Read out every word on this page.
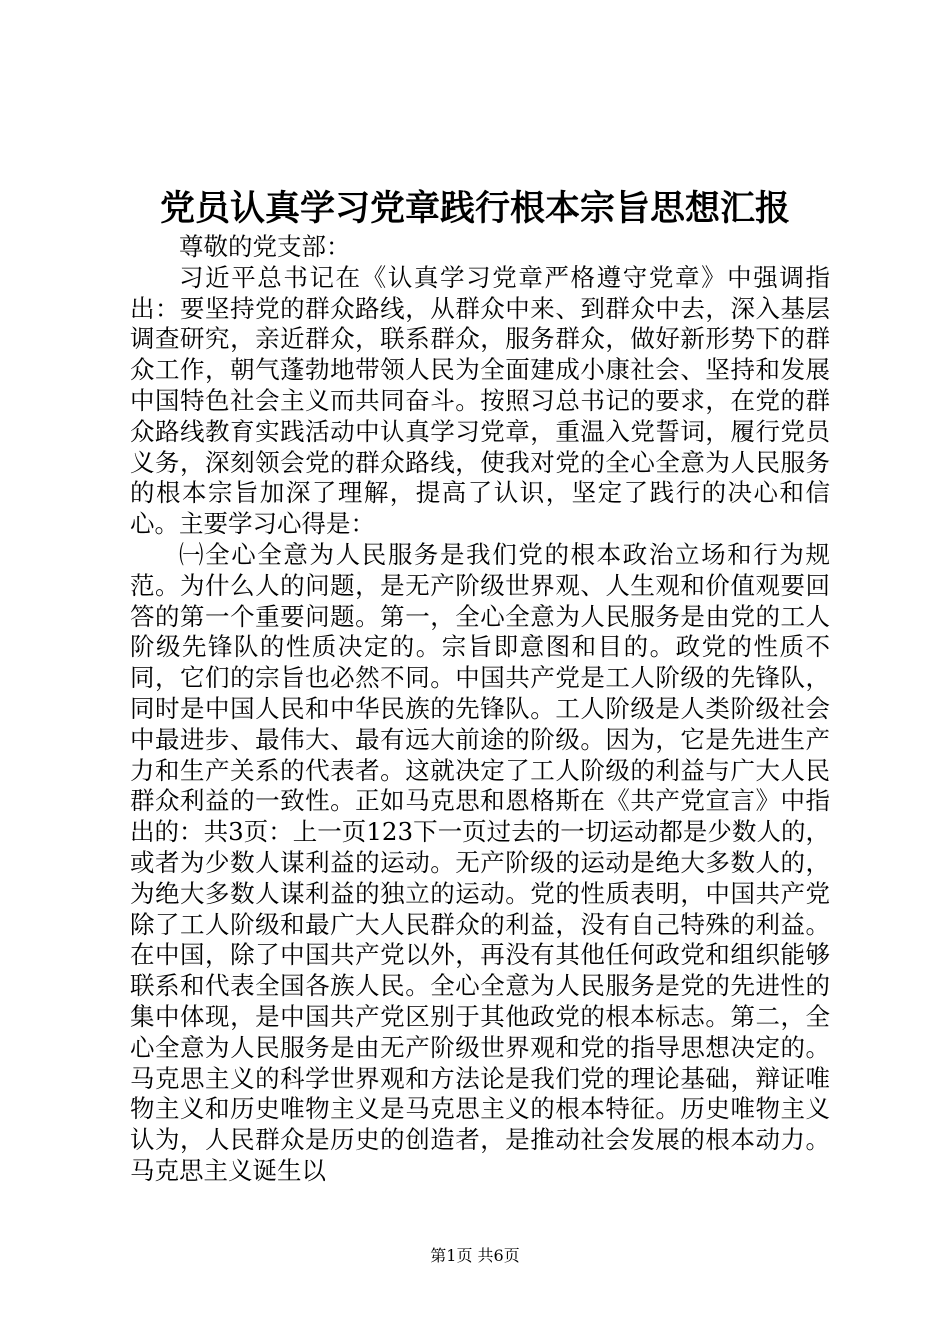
党员认真学习党章践行根本宗旨思想汇报

尊敬的党支部：

习近平总书记在《认真学习党章严格遵守党章》中强调指出：要坚持党的群众路线，从群众中来、到群众中去，深入基层调查研究，亲近群众，联系群众，服务群众，做好新形势下的群众工作，朝气蓬勃地带领人民为全面建成小康社会、坚持和发展中国特色社会主义而共同奋斗。按照习总书记的要求，在党的群众路线教育实践活动中认真学习党章，重温入党誓词，履行党员义务，深刻领会党的群众路线，使我对党的全心全意为人民服务的根本宗旨加深了理解，提高了认识，坚定了践行的决心和信心。主要学习心得是：

㈠全心全意为人民服务是我们党的根本政治立场和行为规范。为什么人的问题，是无产阶级世界观、人生观和价值观要回答的第一个重要问题。第一，全心全意为人民服务是由党的工人阶级先锋队的性质决定的。宗旨即意图和目的。政党的性质不同，它们的宗旨也必然不同。中国共产党是工人阶级的先锋队，同时是中国人民和中华民族的先锋队。工人阶级是人类阶级社会中最进步、最伟大、最有远大前途的阶级。因为，它是先进生产力和生产关系的代表者。这就决定了工人阶级的利益与广大人民群众利益的一致性。正如马克思和恩格斯在《共产党宣言》中指出的：共3页：上一页123下一页过去的一切运动都是少数人的，或者为少数人谋利益的运动。无产阶级的运动是绝大多数人的，为绝大多数人谋利益的独立的运动。党的性质表明，中国共产党除了工人阶级和最广大人民群众的利益，没有自己特殊的利益。在中国，除了中国共产党以外，再没有其他任何政党和组织能够联系和代表全国各族人民。全心全意为人民服务是党的先进性的集中体现，是中国共产党区别于其他政党的根本标志。第二，全心全意为人民服务是由无产阶级世界观和党的指导思想决定的。马克思主义的科学世界观和方法论是我们党的理论基础，辩证唯物主义和历史唯物主义是马克思主义的根本特征。历史唯物主义认为，人民群众是历史的创造者，是推动社会发展的根本动力。马克思主义诞生以

第1页 共6页
